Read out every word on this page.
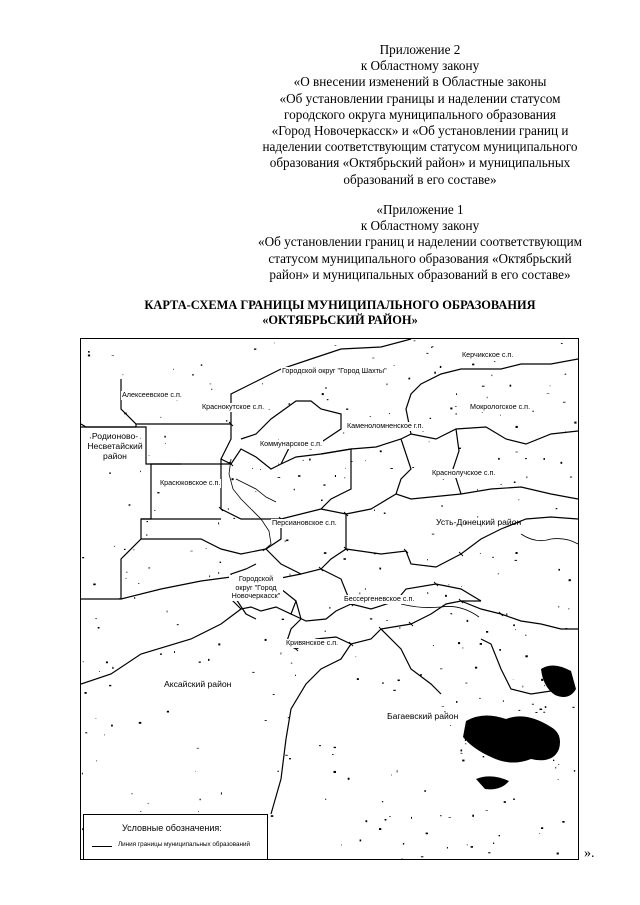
Приложение 2
к Областному закону
«О внесении изменений в Областные законы
«Об установлении границы и наделении статусом
городского округа муниципального образования
«Город Новочеркасск» и «Об установлении границ и
наделении соответствующим статусом муниципального
образования «Октябрьский район» и муниципальных
образований в его составе»
«Приложение 1
к Областному закону
«Об установлении границ и наделении соответствующим
статусом муниципального образования «Октябрьский
район» и муниципальных образований в его составе»
КАРТА-СХЕМА ГРАНИЦЫ МУНИЦИПАЛЬНОГО ОБРАЗОВАНИЯ
«ОКТЯБРЬСКИЙ РАЙОН»
Керчикское с.п.
Городской округ "Город Шахты"
Алексеевское с.п.
Краснокутское с.п.	Мокрологское с.п.
Каменоломненское г.п.
Родионово-Несветайский район
Коммунарское с.п.
Краснолучское с.п.
Красюковское с.п.
Усть-Донецкий район
Персиановское с.п.
Городской округ "Город Новочеркасск"	Бессергеневское с.п.
Кривянское с.п.
Аксайский район
Багаевский район
Условные обозначения:
Линия границы муниципальных образований
».
